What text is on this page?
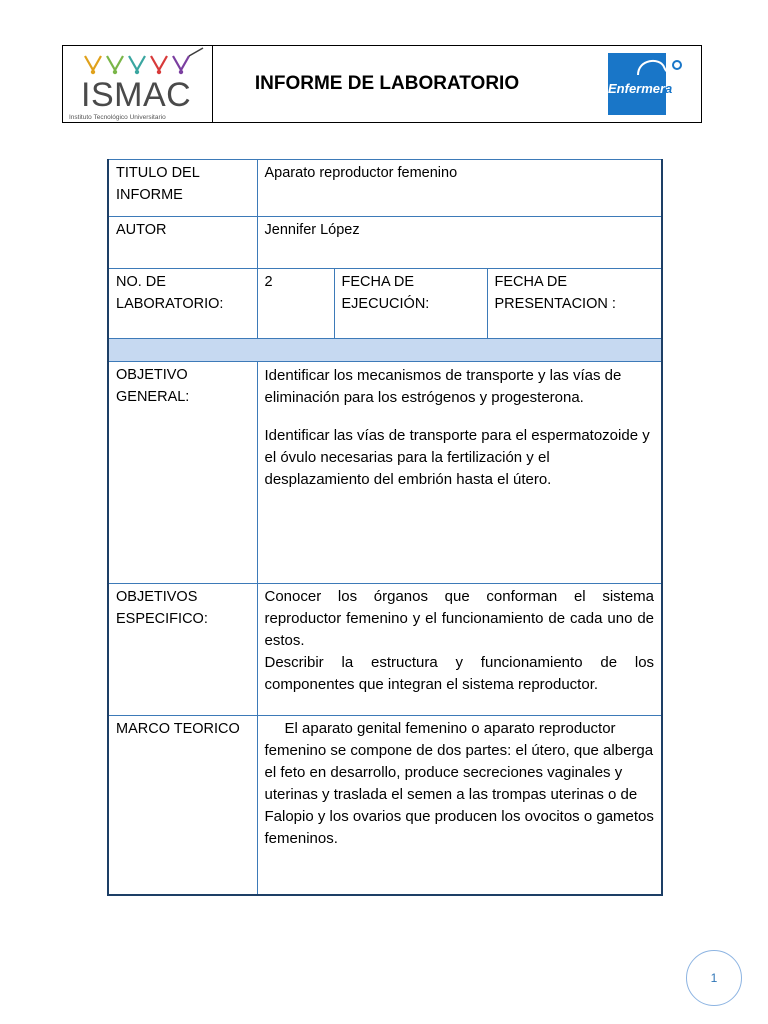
ISMAC
Instituto Tecnológico Universitario
INFORME DE LABORATORIO	Enfermer a
TITULO DEL INFORME	Aparato reproductor femenino		
AUTOR	Jennifer López		
NO. DE LABORATORIO:	2	FECHA DE EJECUCIÓN:	FECHA DE PRESENTACION :

OBJETIVO GENERAL:	Identificar los mecanismos de transporte y las vías de eliminación para los estrógenos y progesterona.

Identificar las vías de transporte para el espermatozoide y el óvulo necesarias para la fertilización y el desplazamiento del embrión hasta el útero.		

OBJETIVOS ESPECIFICO:	Conocer los órganos que conforman el sistema reproductor femenino y el funcionamiento de cada uno de estos.
Describir la estructura y funcionamiento de los componentes que integran el sistema reproductor.		

MARCO TEORICO	El aparato genital femenino o aparato reproductor femenino se compone de dos partes: el útero, que alberga el feto en desarrollo, produce secreciones vaginales y uterinas y traslada el semen a las trompas uterinas o de Falopio y los ovarios que producen los ovocitos o gametos femeninos.		
1
